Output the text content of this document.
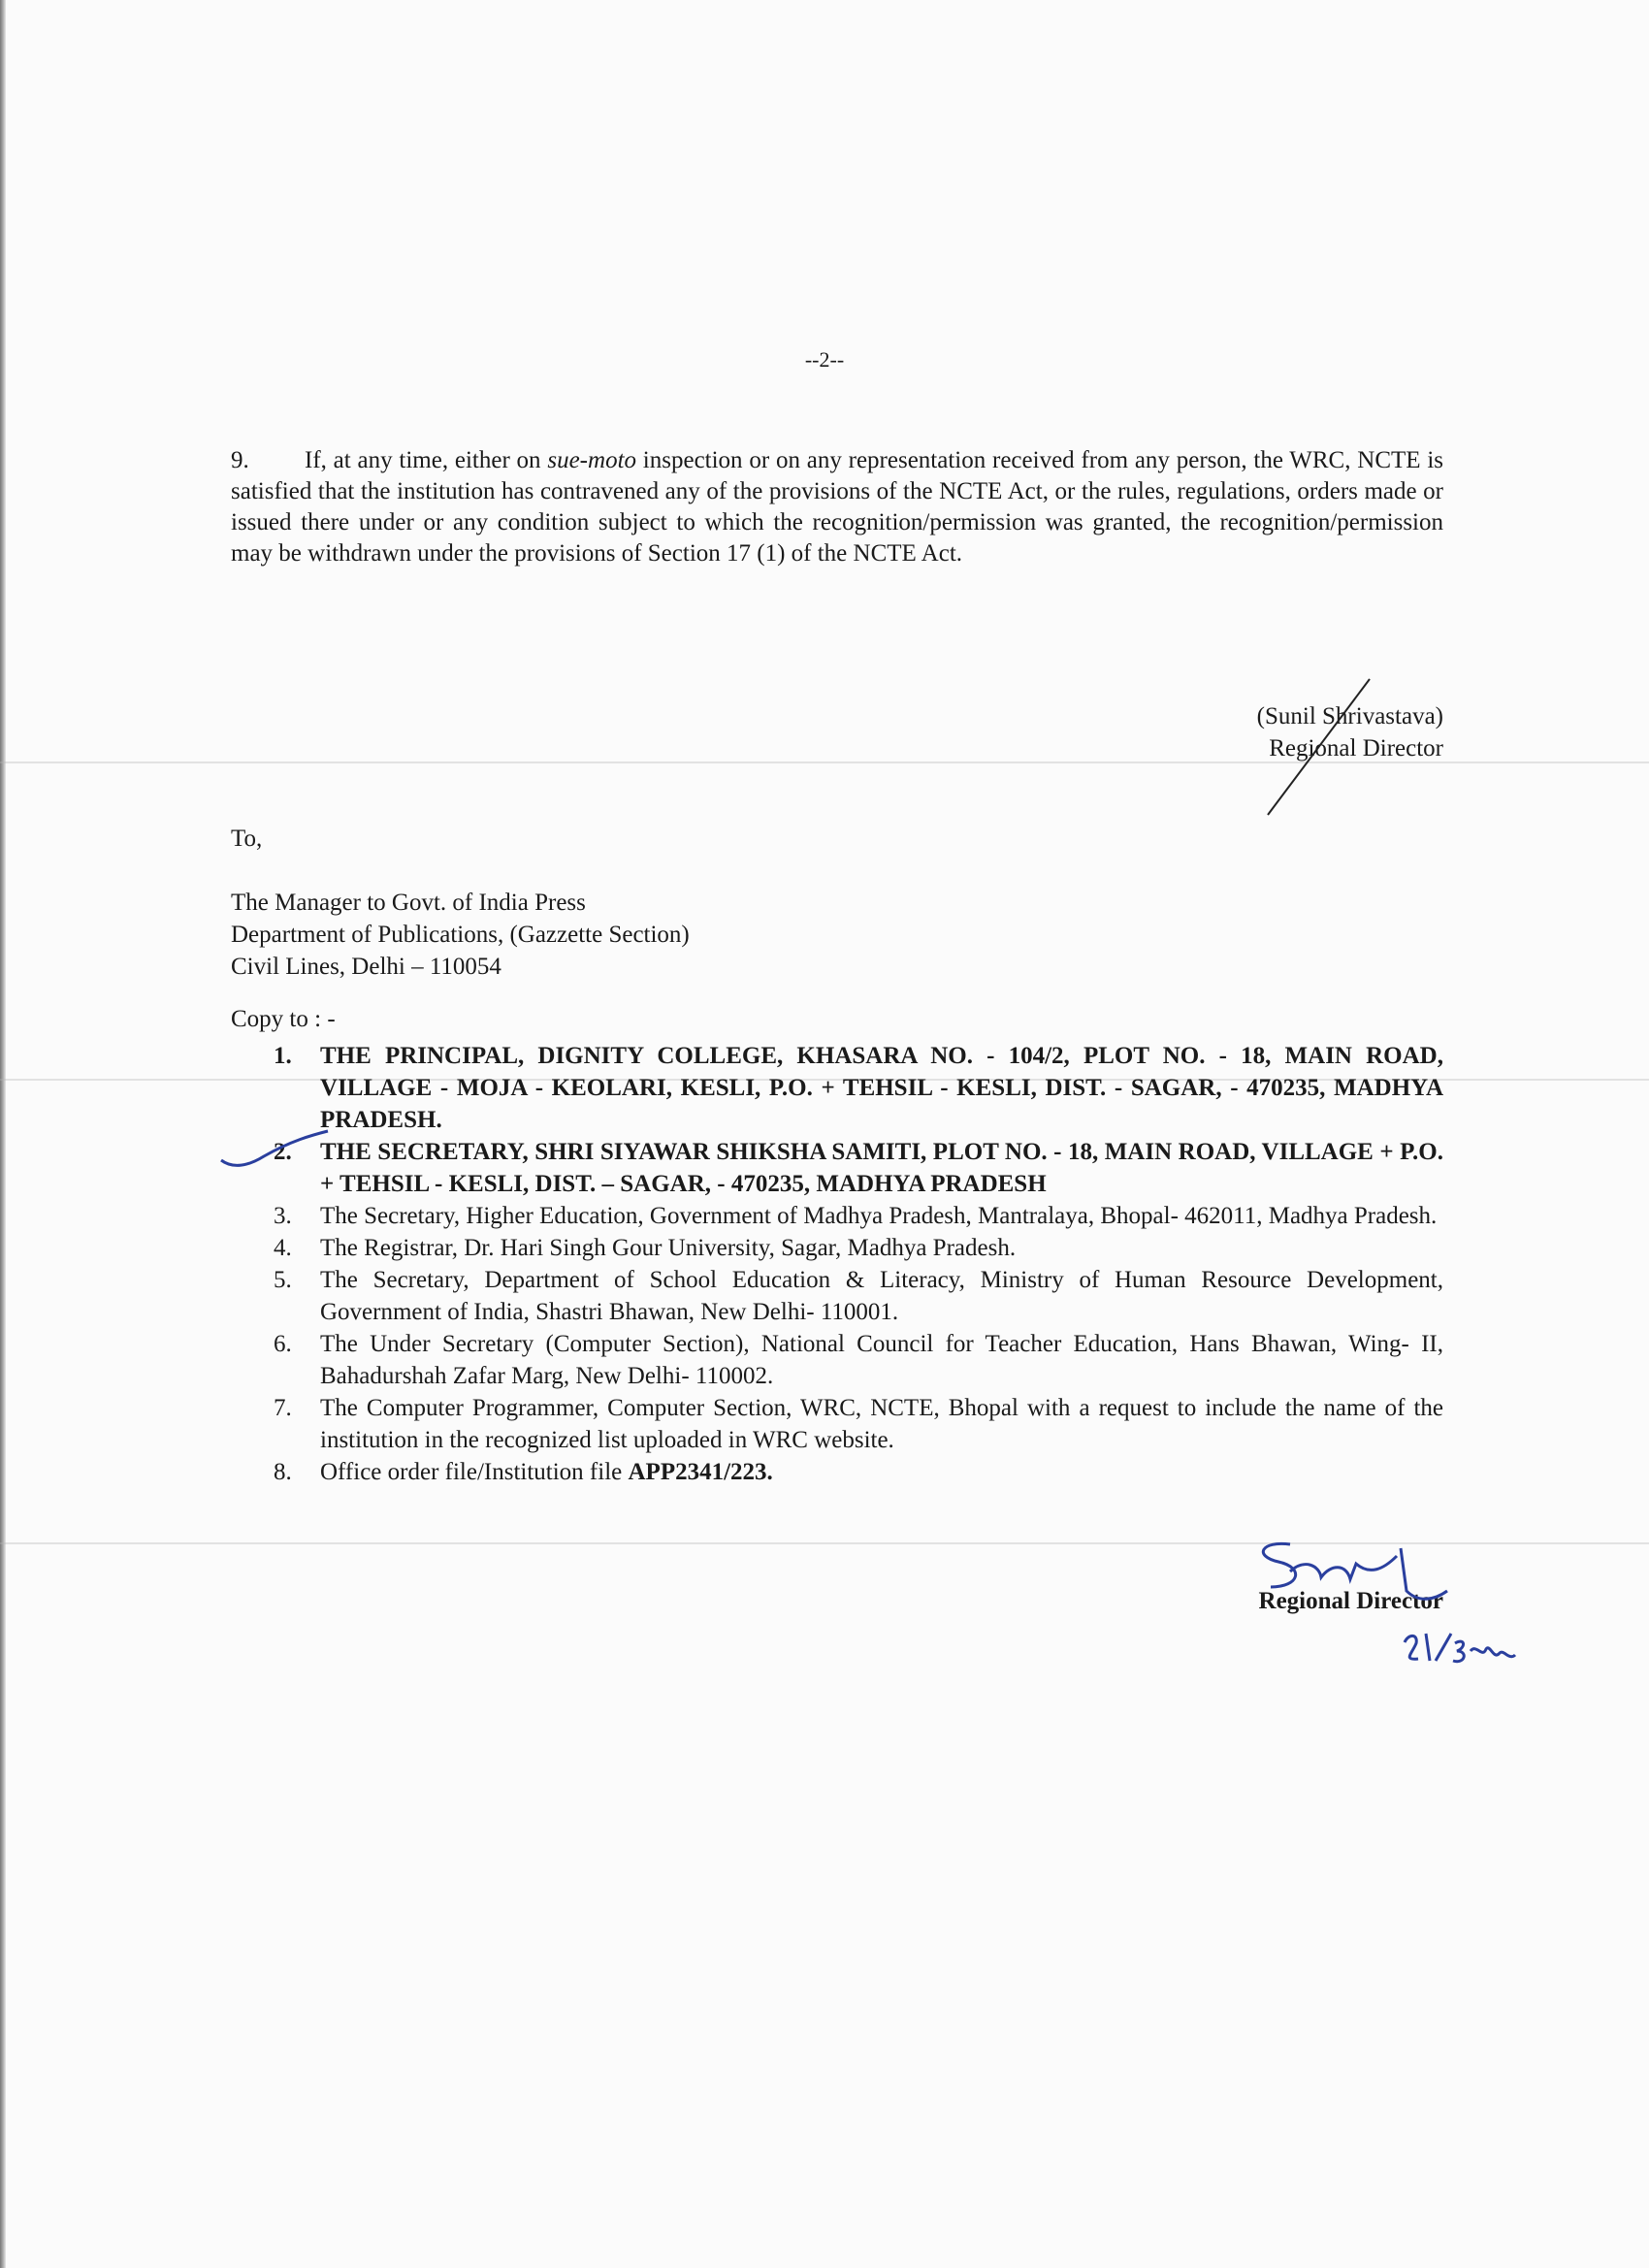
--2--
9. If, at any time, either on sue-moto inspection or on any representation received from any person, the WRC, NCTE is satisfied that the institution has contravened any of the provisions of the NCTE Act, or the rules, regulations, orders made or issued there under or any condition subject to which the recognition/permission was granted, the recognition/permission may be withdrawn under the provisions of Section 17 (1) of the NCTE Act.
(Sunil Shrivastava)
Regional Director
To,
The Manager to Govt. of India Press
Department of Publications, (Gazzette Section)
Civil Lines, Delhi – 110054
Copy to : -
1. THE PRINCIPAL, DIGNITY COLLEGE, KHASARA NO. - 104/2, PLOT NO. - 18, MAIN ROAD, VILLAGE - MOJA - KEOLARI, KESLI, P.O. + TEHSIL - KESLI, DIST. - SAGAR, - 470235, MADHYA PRADESH.
2. THE SECRETARY, SHRI SIYAWAR SHIKSHA SAMITI, PLOT NO. - 18, MAIN ROAD, VILLAGE + P.O. + TEHSIL - KESLI, DIST. – SAGAR, - 470235, MADHYA PRADESH
3. The Secretary, Higher Education, Government of Madhya Pradesh, Mantralaya, Bhopal- 462011, Madhya Pradesh.
4. The Registrar, Dr. Hari Singh Gour University, Sagar, Madhya Pradesh.
5. The Secretary, Department of School Education & Literacy, Ministry of Human Resource Development, Government of India, Shastri Bhawan, New Delhi- 110001.
6. The Under Secretary (Computer Section), National Council for Teacher Education, Hans Bhawan, Wing- II, Bahadurshah Zafar Marg, New Delhi- 110002.
7. The Computer Programmer, Computer Section, WRC, NCTE, Bhopal with a request to include the name of the institution in the recognized list uploaded in WRC website.
8. Office order file/Institution file APP2341/223.
Regional Director
